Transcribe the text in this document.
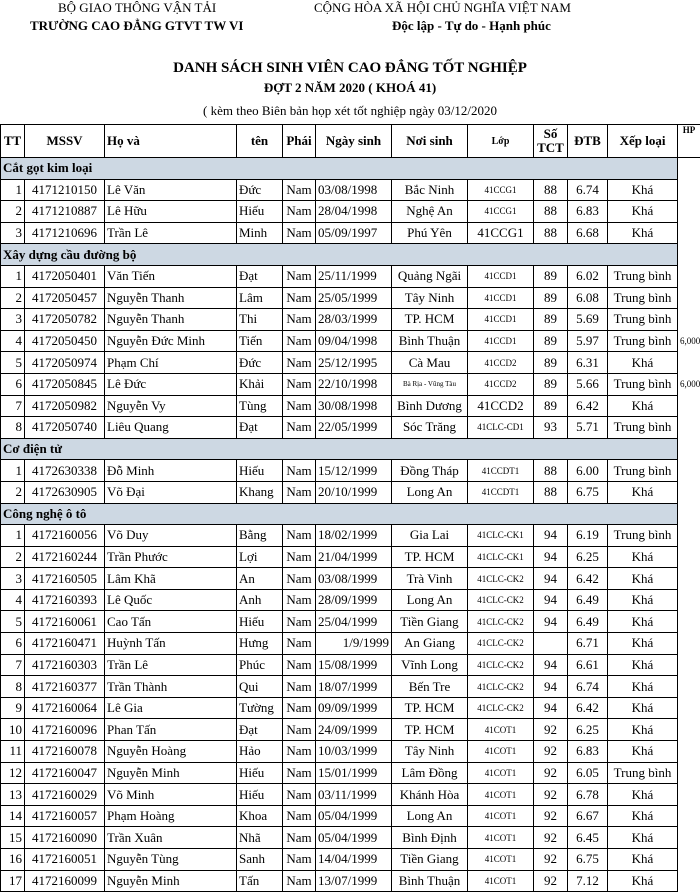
BỘ GIAO THÔNG VẬN TẢI
TRƯỜNG CAO ĐẲNG GTVT TW VI
CỘNG HÒA XÃ HỘI CHỦ NGHĨA VIỆT NAM
Độc lập - Tự do - Hạnh phúc
DANH SÁCH SINH VIÊN CAO ĐẲNG TỐT NGHIỆP
ĐỢT 2 NĂM 2020 ( KHOÁ 41)
( kèm theo Biên bản họp xét tốt nghiệp ngày 03/12/2020
TT	MSSV	Họ và	tên	Phái	Ngày sinh	Nơi sinh	Lớp	Số TCT	ĐTB	Xếp loại	HP
Cắt gọt kim loại											
1	4171210150	Lê Văn	Đức	Nam	03/08/1998	Bắc Ninh	41CCG1	88	6.74	Khá	
2	4171210887	Lê Hữu	Hiếu	Nam	28/04/1998	Nghệ An	41CCG1	88	6.83	Khá	
3	4171210696	Trần Lê	Minh	Nam	05/09/1997	Phú Yên	41CCG1	88	6.68	Khá	
Xây dựng cầu đường bộ											
1	4172050401	Văn Tiến	Đạt	Nam	25/11/1999	Quảng Ngãi	41CCD1	89	6.02	Trung bình	
2	4172050457	Nguyễn Thanh	Lâm	Nam	25/05/1999	Tây Ninh	41CCD1	89	6.08	Trung bình	
3	4172050782	Nguyễn Thanh	Thi	Nam	28/03/1999	TP. HCM	41CCD1	89	5.69	Trung bình	
4	4172050450	Nguyễn Đức Minh	Tiến	Nam	09/04/1998	Bình Thuận	41CCD1	89	5.97	Trung bình	6,000
5	4172050974	Phạm Chí	Đức	Nam	25/12/1995	Cà Mau	41CCD2	89	6.31	Khá	
6	4172050845	Lê Đức	Khải	Nam	22/10/1998	Bà Rịa - Vũng Tàu	41CCD2	89	5.66	Trung bình	6,000
7	4172050982	Nguyễn Vy	Tùng	Nam	30/08/1998	Bình Dương	41CCD2	89	6.42	Khá	
8	4172050740	Liêu Quang	Đạt	Nam	22/05/1999	Sóc Trăng	41CLC-CD1	93	5.71	Trung bình	
Cơ điện tử											
1	4172630338	Đỗ Minh	Hiếu	Nam	15/12/1999	Đồng Tháp	41CCDT1	88	6.00	Trung bình	
2	4172630905	Võ Đại	Khang	Nam	20/10/1999	Long An	41CCDT1	88	6.75	Khá	
Công nghệ ô tô											
1	4172160056	Võ Duy	Bằng	Nam	18/02/1999	Gia Lai	41CLC-CK1	94	6.19	Trung bình	
2	4172160244	Trần Phước	Lợi	Nam	21/04/1999	TP. HCM	41CLC-CK1	94	6.25	Khá	
3	4172160505	Lâm Khã	An	Nam	03/08/1999	Trà Vinh	41CLC-CK2	94	6.42	Khá	
4	4172160393	Lê Quốc	Anh	Nam	28/09/1999	Long An	41CLC-CK2	94	6.49	Khá	
5	4172160061	Cao Tấn	Hiếu	Nam	25/04/1999	Tiền Giang	41CLC-CK2	94	6.49	Khá	
6	4172160471	Huỳnh Tấn	Hưng	Nam	1/9/1999	An Giang	41CLC-CK2		6.71	Khá	
7	4172160303	Trần Lê	Phúc	Nam	15/08/1999	Vĩnh Long	41CLC-CK2	94	6.61	Khá	
8	4172160377	Trần Thành	Qui	Nam	18/07/1999	Bến Tre	41CLC-CK2	94	6.74	Khá	
9	4172160064	Lê Gia	Tường	Nam	09/09/1999	TP. HCM	41CLC-CK2	94	6.42	Khá	
10	4172160096	Phan Tấn	Đạt	Nam	24/09/1999	TP. HCM	41COT1	92	6.25	Khá	
11	4172160078	Nguyễn Hoàng	Hảo	Nam	10/03/1999	Tây Ninh	41COT1	92	6.83	Khá	
12	4172160047	Nguyễn Minh	Hiếu	Nam	15/01/1999	Lâm Đồng	41COT1	92	6.05	Trung bình	
13	4172160029	Võ Minh	Hiếu	Nam	03/11/1999	Khánh Hòa	41COT1	92	6.78	Khá	
14	4172160057	Phạm Hoàng	Khoa	Nam	05/04/1999	Long An	41COT1	92	6.67	Khá	
15	4172160090	Trần Xuân	Nhã	Nam	05/04/1999	Bình Định	41COT1	92	6.45	Khá	
16	4172160051	Nguyễn Tùng	Sanh	Nam	14/04/1999	Tiền Giang	41COT1	92	6.75	Khá	
17	4172160099	Nguyễn Minh	Tấn	Nam	13/07/1999	Bình Thuận	41COT1	92	7.12	Khá	
